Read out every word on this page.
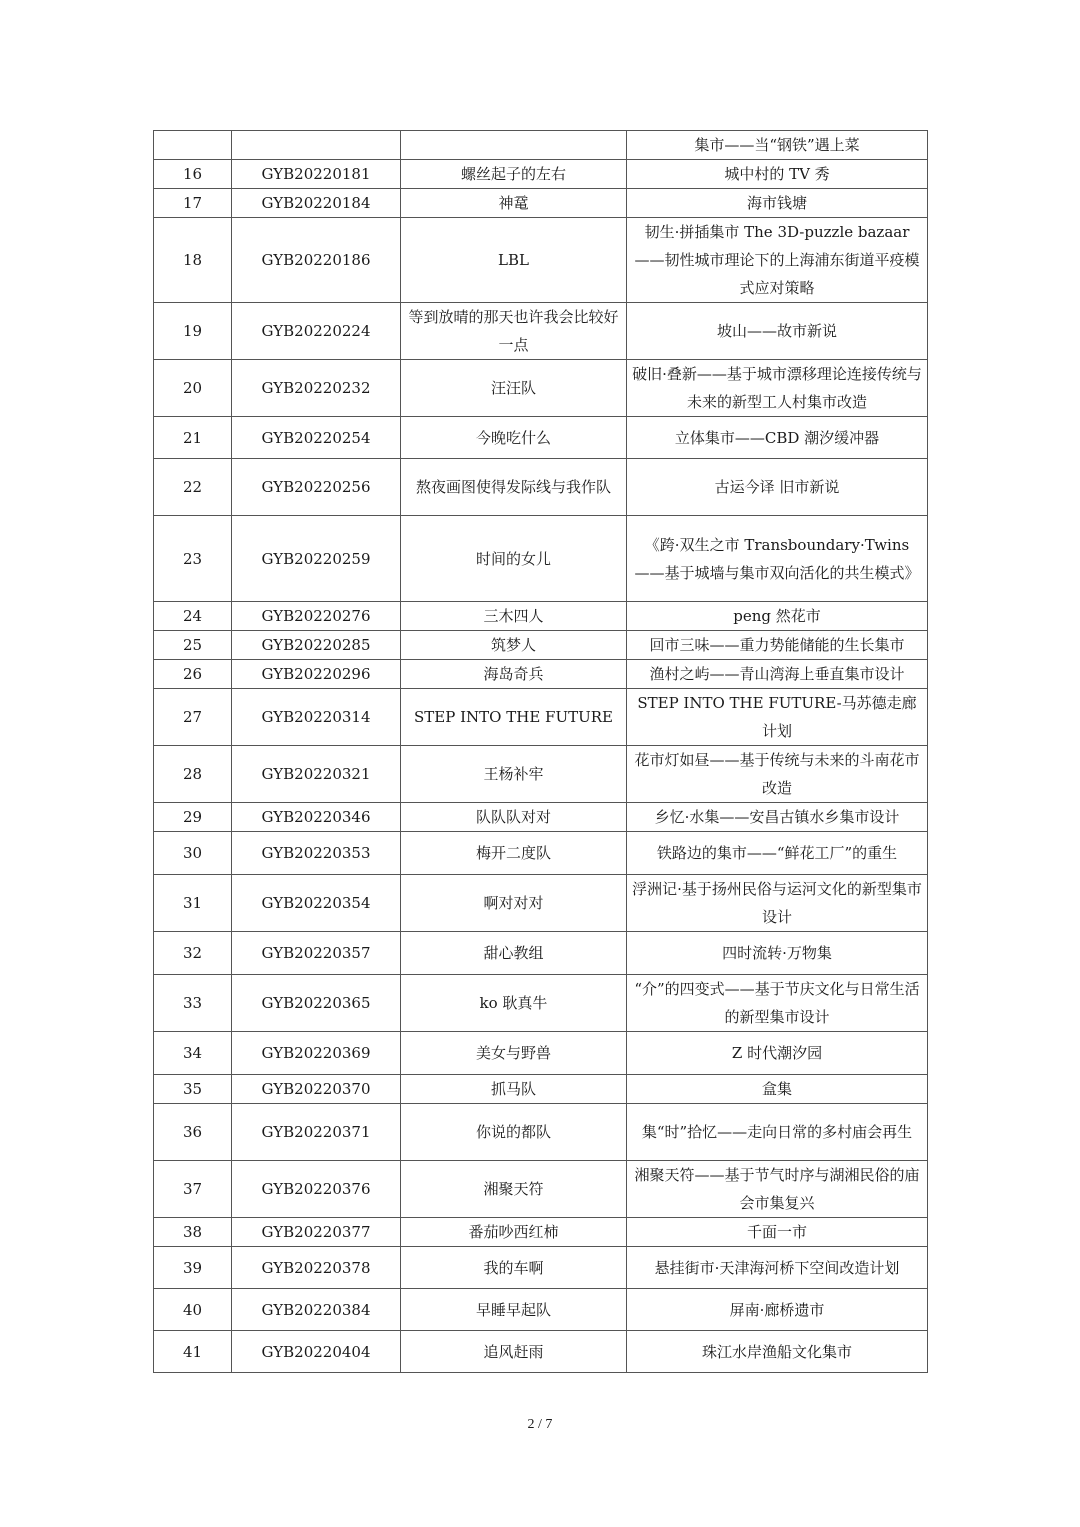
			集市——当“钢铁”遇上菜
16	GYB20220181	螺丝起子的左右	城中村的 TV 秀
17	GYB20220184	神鼋	海市钱塘
18	GYB20220186	LBL	韧生·拼插集市 The 3D-puzzle bazaar ——韧性城市理论下的上海浦东街道平疫模式应对策略
19	GYB20220224	等到放晴的那天也许我会比较好一点	坡山——故市新说
20	GYB20220232	汪汪队	破旧·叠新——基于城市漂移理论连接传统与未来的新型工人村集市改造
21	GYB20220254	今晚吃什么	立体集市——CBD 潮汐缓冲器
22	GYB20220256	熬夜画图使得发际线与我作队	古运今译 旧市新说
23	GYB20220259	时间的女儿	《跨·双生之市 Transboundary·Twins ——基于城墙与集市双向活化的共生模式》
24	GYB20220276	三木四人	peng 然花市
25	GYB20220285	筑梦人	回市三味——重力势能储能的生长集市
26	GYB20220296	海岛奇兵	渔村之屿——青山湾海上垂直集市设计
27	GYB20220314	STEP INTO THE FUTURE	STEP INTO THE FUTURE-马苏德走廊计划
28	GYB20220321	王杨补牢	花市灯如昼——基于传统与未来的斗南花市改造
29	GYB20220346	队队队对对	乡忆·水集——安昌古镇水乡集市设计
30	GYB20220353	梅开二度队	铁路边的集市——“鲜花工厂”的重生
31	GYB20220354	啊对对对	浮洲记·基于扬州民俗与运河文化的新型集市设计
32	GYB20220357	甜心教组	四时流转·万物集
33	GYB20220365	ko 耿真牛	“介”的四变式——基于节庆文化与日常生活的新型集市设计
34	GYB20220369	美女与野兽	Z 时代潮汐园
35	GYB20220370	抓马队	盒集
36	GYB20220371	你说的都队	集“时”拾忆——走向日常的多村庙会再生
37	GYB20220376	湘聚天符	湘聚天符——基于节气时序与湖湘民俗的庙会市集复兴
38	GYB20220377	番茄吵西红柿	千面一市
39	GYB20220378	我的车啊	悬挂街市·天津海河桥下空间改造计划
40	GYB20220384	早睡早起队	屏南·廊桥遗市
41	GYB20220404	追风赶雨	珠江水岸渔船文化集市
2 / 7
